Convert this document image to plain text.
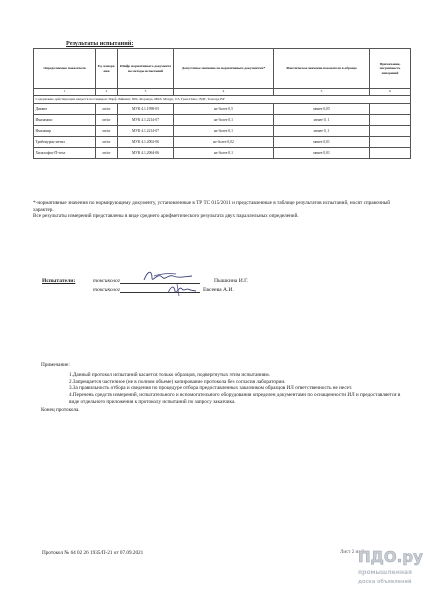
Результаты испытаний:
Определяемые показатели	Ед. измере-ния	Шифр нормативного документа на методы испытаний	Допустимое значение по нормативным документам*	Фактическое значение показателя в образце	Примечание, погрешность измерений
1	2	3	4	5	6
Содержание действующих веществ пестицидов: Парф Лайнинг, ЗРК, Форнада, МКЗ, Мацур, 0.3, Гран-Плюс, ВДГ, Тонгард ВР					
Диквит	мг/кг	МУК 4.1.1998-05	не более 0,5	менее 0,05	
Имазамокс	мг/кг	МУК 4.1.2214-07	не более 0,1	менее 0, 1	
Имазапир	мг/кг	МУК 4.1.2214-07	не более 0,1	менее 0, 1	
Трибенурон-метил	мг/кг	МУК 4.1.2002-06	не более 0,02	менее 0,01	
Хизалофоп-П-этил	мг/кг	МУК 4.1.2064-06	не более 0,1	менее 0,01	

*-нормативные значения по нормирующему документу, установленные в ТР ТС 015/2011 и представленные в таблице результатов испытаний, носят справочный характер.

Все результаты измерений представлены в виде среднего арифметического результата двух параллельных определений.

Испытатели:	токсиколог	Пышкина И.Г.
токсиколог	Евсеева А.И.

Примечание:

1.Данный протокол испытаний касается только образцов, подвергнутых этим испытаниям.

2.Запрещается частичное (не в полном объеме) копирование протокола без согласия лаборатории.

3.За правильность отбора и сведения по процедуре отбора предоставленных заказчиком образцов ИЛ ответственность не несет.

4.Перечень средств измерений, испытательного и вспомогательного оборудования определен документами по оснащенности ИЛ и предоставляется в виде отдельного приложения к протоколу испытаний по запросу заказчика.

Конец протокола.

Протокол № 64 02 26 1935/П-21 от 07.09.2021	Лист 2 из 2
ПДО.ру
промышленная
доска объявлений
